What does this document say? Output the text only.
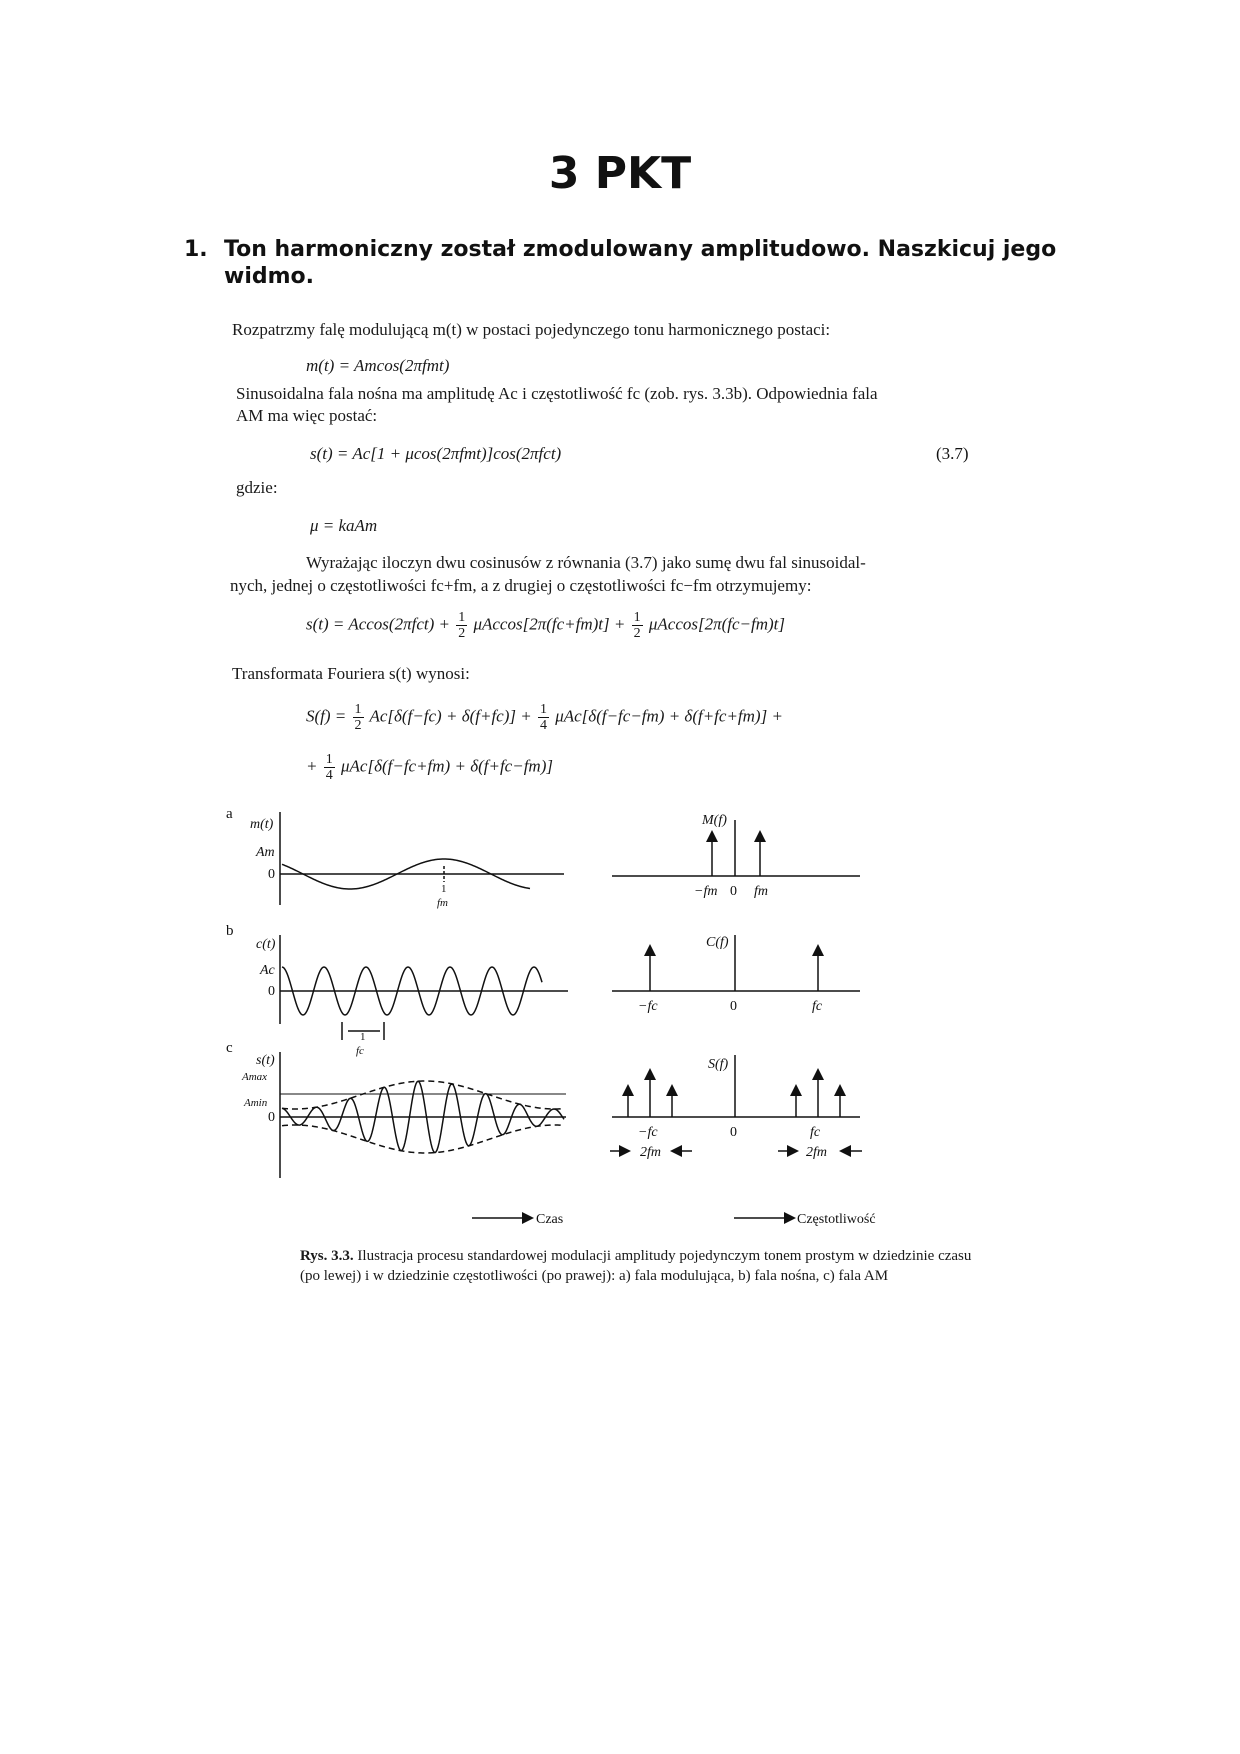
3 PKT
1. Ton harmoniczny został zmodulowany amplitudowo. Naszkicuj jego widmo.
Rozpatrzmy falę modulującą m(t) w postaci pojedynczego tonu harmonicznego postaci:
m(t) = Amcos(2πfmt)
Sinusoidalna fala nośna ma amplitudę Ac i częstotliwość fc (zob. rys. 3.3b). Odpowiednia fala
AM ma więc postać:
s(t) = Ac[1 + μcos(2πfmt)]cos(2πfct)	(3.7)
gdzie:
μ = kaAm
Wyrażając iloczyn dwu cosinusów z równania (3.7) jako sumę dwu fal sinusoidal-
nych, jednej o częstotliwości fc+fm, a z drugiej o częstotliwości fc−fm otrzymujemy:
$s(t) = Accos(2\pi fct) + \frac{1}{2} \mu Accos[2\pi(fc+fm)t] + \frac{1}{2} \mu Accos[2\pi(fc-fm)t]$
Transformata Fouriera s(t) wynosi:
$S(f) = \frac{1}{2} Ac[\delta(f-fc) + \delta(f+fc)] + \frac{1}{4} \mu Ac[\delta(f-fc-fm) + \delta(f+fc+fm)]$ +
+ $\frac{1}{4} \mu Ac[\delta(f-fc+fm) + \delta(f+fc-fm)]$
a
m(t)
Am
0
1
fm
M(f)
−fm 0 fm
b
c(t)
Ac
0
1
fc
C(f)
−fc	0	fc
c
s(t)
Amax
Amin
0
S(f)
−fc
2fm
0	fc
2fm
Czas	Częstotliwość
Rys. 3.3. Ilustracja procesu standardowej modulacji amplitudy pojedynczym tonem prostym w dziedzinie czasu (po lewej) i w dziedzinie częstotliwości (po prawej): a) fala modulująca, b) fala nośna, c) fala AM
